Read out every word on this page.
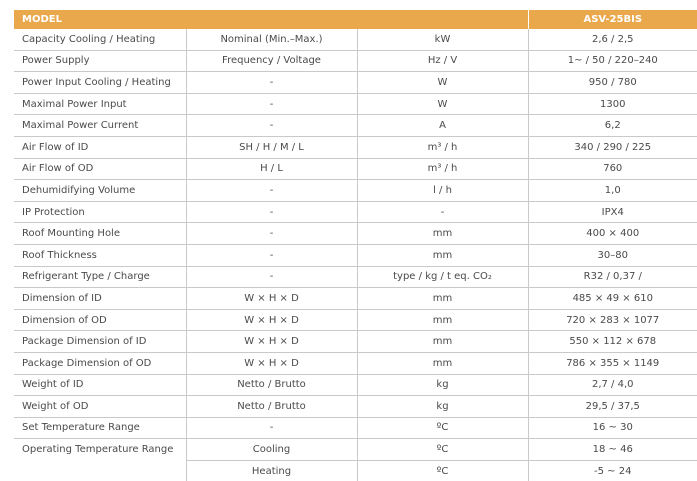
MODEL			ASV-25BIS
Capacity Cooling / Heating	Nominal (Min.–Max.)	kW	2,6 / 2,5
Power Supply	Frequency / Voltage	Hz / V	1~ / 50 / 220–240
Power Input Cooling / Heating	-	W	950 / 780
Maximal Power Input	-	W	1300
Maximal Power Current	-	A	6,2
Air Flow of ID	SH / H / M / L	m³ / h	340 / 290 / 225
Air Flow of OD	H / L	m³ / h	760
Dehumidifying Volume	-	l / h	1,0
IP Protection	-	-	IPX4
Roof Mounting Hole	-	mm	400 × 400
Roof Thickness	-	mm	30–80
Refrigerant Type / Charge	-	type / kg / t eq. CO₂	R32 / 0,37 /
Dimension of ID	W × H × D	mm	485 × 49 × 610
Dimension of OD	W × H × D	mm	720 × 283 × 1077
Package Dimension of ID	W × H × D	mm	550 × 112 × 678
Package Dimension of OD	W × H × D	mm	786 × 355 × 1149
Weight of ID	Netto / Brutto	kg	2,7 / 4,0
Weight of OD	Netto / Brutto	kg	29,5 / 37,5
Set Temperature Range	-	ºC	16 ~ 30
Operating Temperature Range	Cooling	ºC	18 ~ 46
	Heating	ºC	-5 ~ 24
